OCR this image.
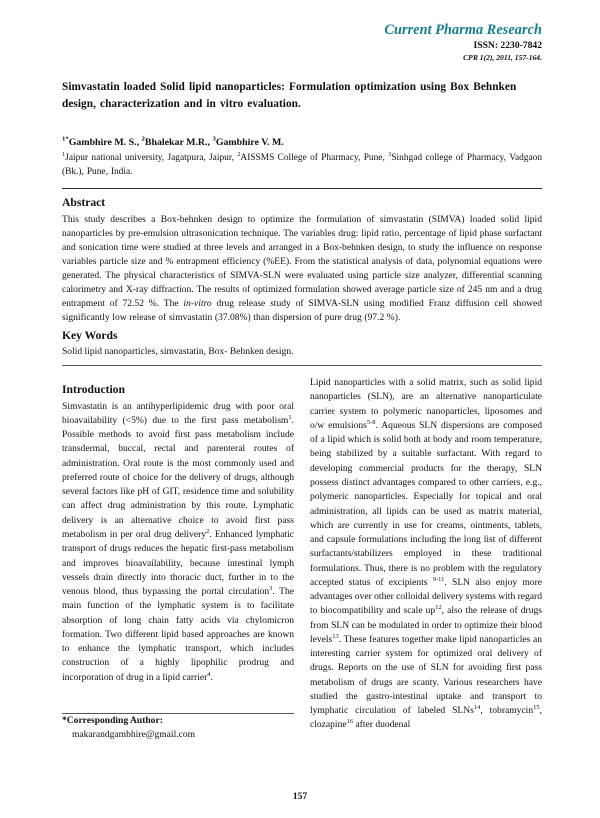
Current Pharma Research
ISSN: 2230-7842
CPR 1(2), 2011, 157-164.
Simvastatin loaded Solid lipid nanoparticles: Formulation optimization using Box Behnken design, characterization and in vitro evaluation.
$^{1*}$Gambhire M. S., $^2$Bhalekar M.R., $^3$Gambhire V. M.
$^1$Jaipur national university, Jagatpura, Jaipur, $^2$AISSMS College of Pharmacy, Pune, $^3$Sinhgad college of Pharmacy, Vadgaon (Bk.), Pune, India.
Abstract

This study describes a Box-behnken design to optimize the formulation of simvastatin (SIMVA) loaded solid lipid nanoparticles by pre-emulsion ultrasonication technique. The variables drug: lipid ratio, percentage of lipid phase surfactant and sonication time were studied at three levels and arranged in a Box-behnken design, to study the influence on response variables particle size and % entrapment efficiency (%EE). From the statistical analysis of data, polynomial equations were generated. The physical characteristics of SIMVA-SLN were evaluated using particle size analyzer, differential scanning calorimetry and X-ray diffraction. The results of optimized formulation showed average particle size of 245 nm and a drug entrapment of 72.52 %. The in-vitro drug release study of SIMVA-SLN using modified Franz diffusion cell showed significantly low release of simvastatin (37.08%) than dispersion of pure drug (97.2 %).

Key Words

Solid lipid nanoparticles, simvastatin, Box- Behnken design.

Introduction

Simvastatin is an antihyperlipidemic drug with poor oral bioavailability (<5%) due to the first pass metabolism$^1$. Possible methods to avoid first pass metabolism include transdermal, buccal, rectal and parenteral routes of administration. Oral route is the most commonly used and preferred route of choice for the delivery of drugs, although several factors like pH of GIT, residence time and solubility can affect drug administration by this route. Lymphatic delivery is an alternative choice to avoid first pass metabolism in per oral drug delivery$^2$. Enhanced lymphatic transport of drugs reduces the hepatic first-pass metabolism and improves bioavailability, because intestinal lymph vessels drain directly into thoracic duct, further in to the venous blood, thus bypassing the portal circulation$^3$. The main function of the lymphatic system is to facilitate absorption of long chain fatty acids via chylomicron formation. Two different lipid based approaches are known to enhance the lymphatic transport, which includes construction of a highly lipophilic prodrug and incorporation of drug in a lipid carrier$^4$.

*Corresponding Author:

makarandgambhire@gmail.com

Lipid nanoparticles with a solid matrix, such as solid lipid nanoparticles (SLN), are an alternative nanoparticulate carrier system to polymeric nanoparticles, liposomes and o/w emulsions$^{5-8}$. Aqueous SLN dispersions are composed of a lipid which is solid both at body and room temperature, being stabilized by a suitable surfactant. With regard to developing commercial products for the therapy, SLN possess distinct advantages compared to other carriers, e.g., polymeric nanoparticles. Especially for topical and oral administration, all lipids can be used as matrix material, which are currently in use for creams, ointments, tablets, and capsule formulations including the long list of different surfactants/stabilizers employed in these traditional formulations. Thus, there is no problem with the regulatory accepted status of excipients $^{9-11}$. SLN also enjoy more advantages over other colloidal delivery systems with regard to biocompatibility and scale $up^{12}$, also the release of drugs from SLN can be modulated in order to optimize their blood levels$^{13}$. These features together make lipid nanoparticles an interesting carrier system for optimized oral delivery of drugs. Reports on the use of SLN for avoiding first pass metabolism of drugs are scanty. Various researchers have studied the gastro-intestinal uptake and transport to lymphatic circulation of labeled SLNs$^{14}$, tobramycin$^{15}$, clozapine$^{16}$ after duodenal

157
